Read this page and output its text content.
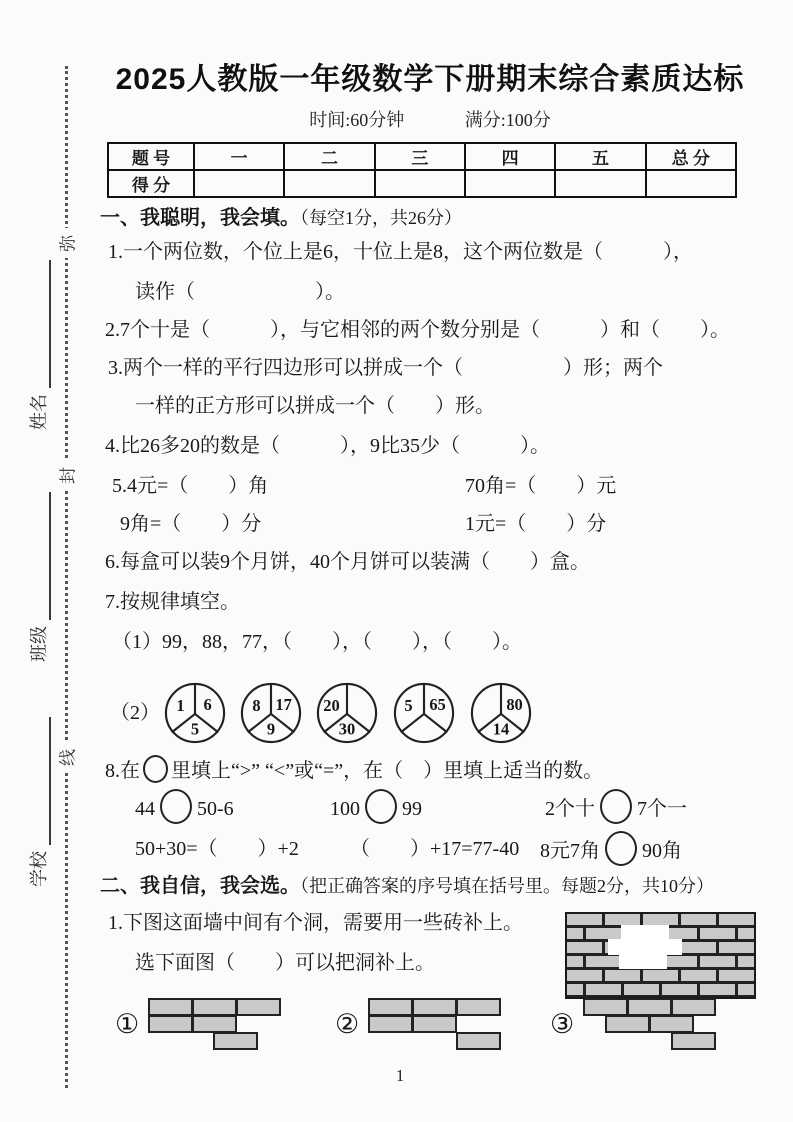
弥
封
线
姓名
班级
学校
2025人教版一年级数学下册期末综合素质达标
时间:60分钟	满分:100分
题 号	一	二	三	四	五	总 分
得 分						
一、我聪明，我会填。（每空1分，共26分）
1.一个两位数，个位上是6，十位上是8，这个两位数是（　　　），
读作（　　　　　　）。
2.7个十是（　　　），与它相邻的两个数分别是（　　　）和（　　）。
3.两个一样的平行四边形可以拼成一个（　　　　　）形；两个
一样的正方形可以拼成一个（　　）形。
4.比26多20的数是（　　　），9比35少（　　　）。
5.4元=（　　）角	70角=（　　）元
9角=（　　）分	1元=（　　）分
6.每盒可以装9个月饼，40个月饼可以装满（　　）盒。
7.按规律填空。
（1）99，88，77，（　　），（　　），（　　）。
（2） 1 6
5
8 17
9
20
30
5 65	80
14
8.在 里填上“>” “<”或“=”，在（　）里填上适当的数。
44 50-6	100 99	2个十 7个一
50+30=（　　）+2	（　　）+17=77-40 8元7角 90角
二、我自信，我会选。（把正确答案的序号填在括号里。每题2分，共10分）
1.下图这面墙中间有个洞，需要用一些砖补上。
选下面图（　　）可以把洞补上。
①	②	③
1
